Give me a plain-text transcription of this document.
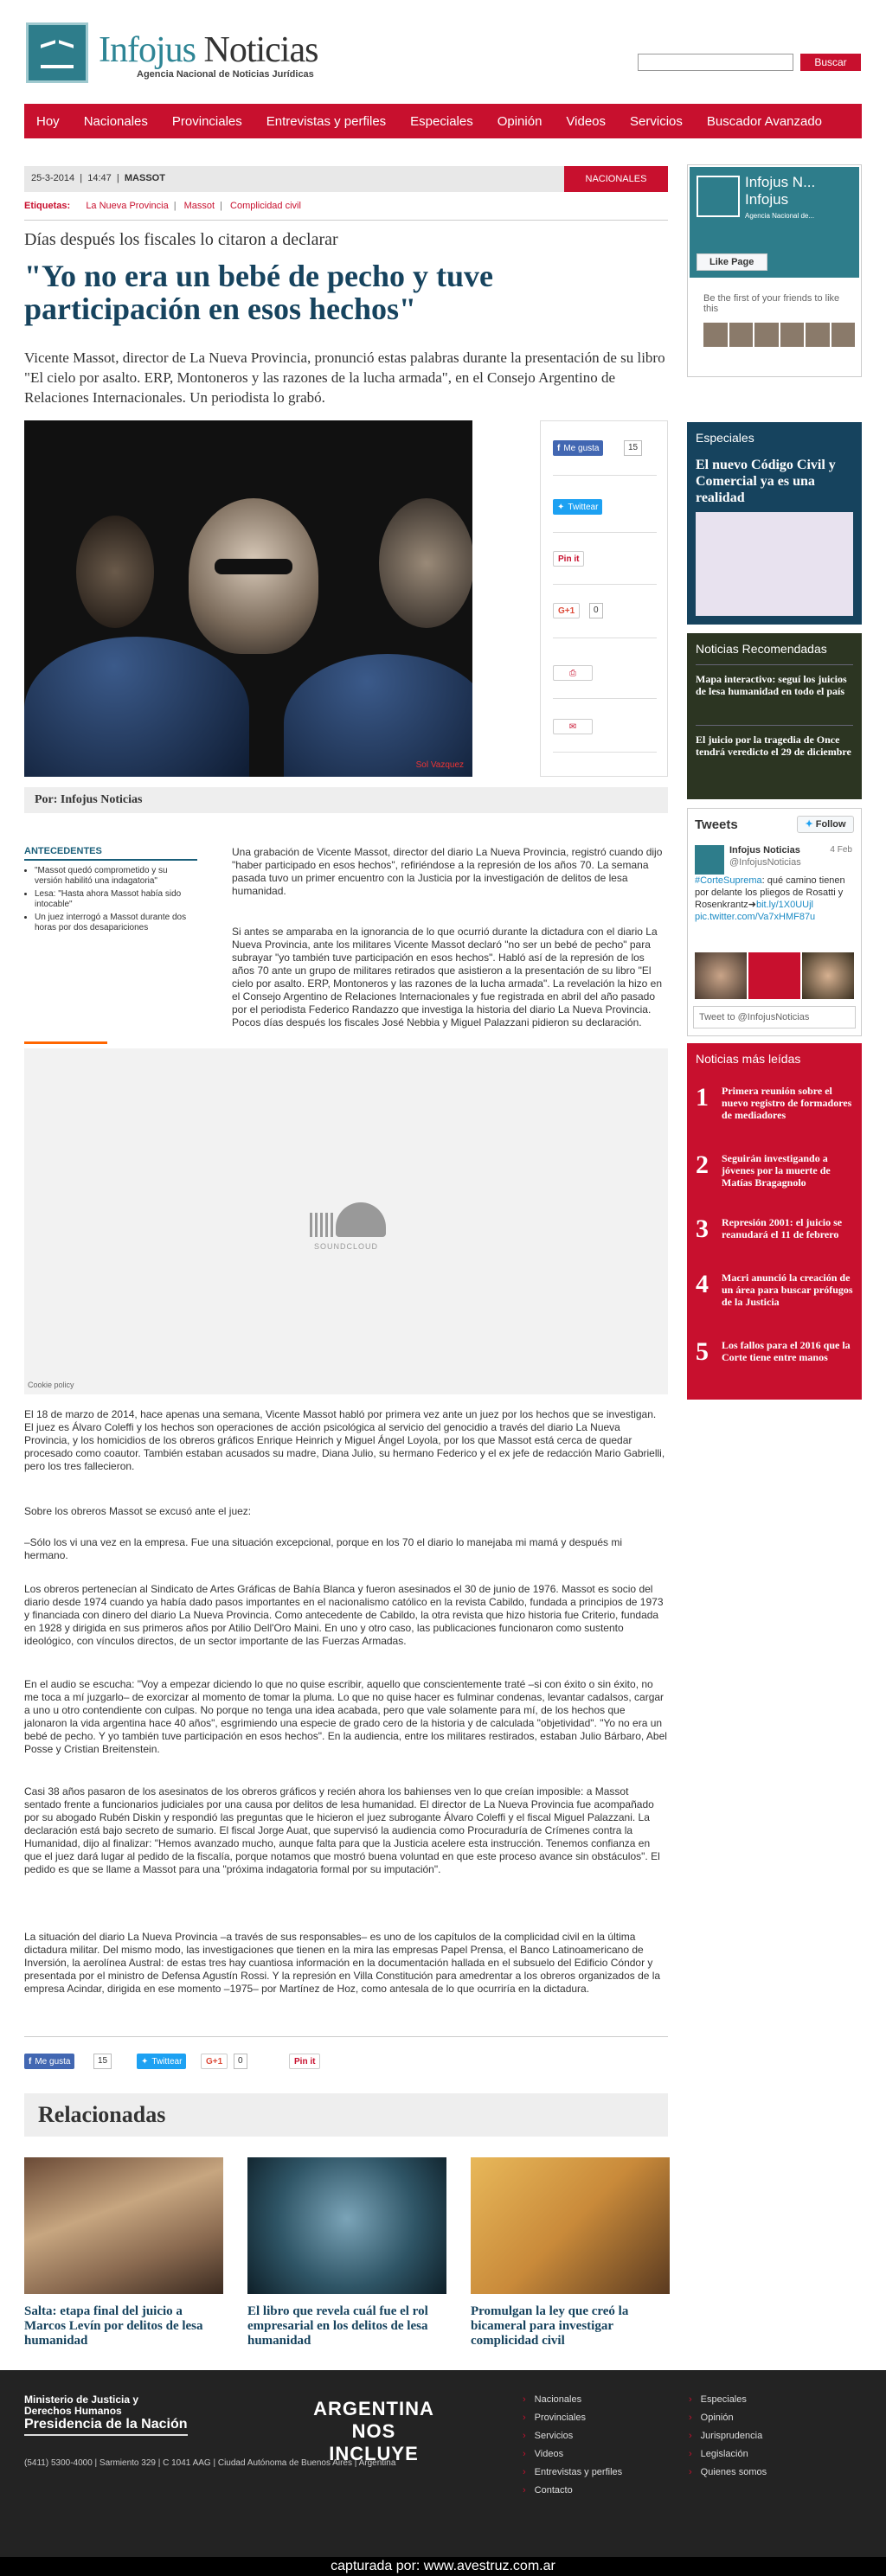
Infojus Noticias
Agencia Nacional de Noticias Jurídicas
Buscar
Hoy Nacionales Provinciales Entrevistas y perfiles Especiales Opinión Videos Servicios Buscador Avanzado
25-3-2014  |  14:47  |  MASSOT	NACIONALES
Etiquetas: La Nueva Provincia | Massot | Complicidad civil
Días después los fiscales lo citaron a declarar
"Yo no era un bebé de pecho y tuve participación en esos hechos"

Vicente Massot, director de La Nueva Provincia, pronunció estas palabras durante la presentación de su libro "El cielo por asalto. ERP, Montoneros y las razones de la lucha armada", en el Consejo Argentino de Relaciones Internacionales. Un periodista lo grabó.

Sol Vazquez
f Me gusta	15
✦ Twittear
Pin it
G+1	0
⎙
✉
Por: Infojus Noticias
ANTECEDENTES
• "Massot quedó comprometido y su versión habilitó una indagatoria"
• Lesa: "Hasta ahora Massot había sido intocable"
• Un juez interrogó a Massot durante dos horas por dos desapariciones

Una grabación de Vicente Massot, director del diario La Nueva Provincia, registró cuando dijo "haber participado en esos hechos", refiriéndose a la represión de los años 70. La semana pasada tuvo un primer encuentro con la Justicia por la investigación de delitos de lesa humanidad.

Si antes se amparaba en la ignorancia de lo que ocurrió durante la dictadura con el diario La Nueva Provincia, ante los militares Vicente Massot declaró "no ser un bebé de pecho" para subrayar "yo también tuve participación en esos hechos". Habló así de la represión de los años 70 ante un grupo de militares retirados que asistieron a la presentación de su libro "El cielo por asalto. ERP, Montoneros y las razones de la lucha armada". La revelación la hizo en el Consejo Argentino de Relaciones Internacionales y fue registrada en abril del año pasado por el periodista Federico Randazzo que investiga la historia del diario La Nueva Provincia. Pocos días después los fiscales José Nebbia y Miguel Palazzani pidieron su declaración.

SOUNDCLOUD
Cookie policy

El 18 de marzo de 2014, hace apenas una semana, Vicente Massot habló por primera vez ante un juez por los hechos que se investigan. El juez es Álvaro Coleffi y los hechos son operaciones de acción psicológica al servicio del genocidio a través del diario La Nueva Provincia, y los homicidios de los obreros gráficos Enrique Heinrich y Miguel Ángel Loyola, por los que Massot está cerca de quedar procesado como coautor. También estaban acusados su madre, Diana Julio, su hermano Federico y el ex jefe de redacción Mario Gabrielli, pero los tres fallecieron.

Sobre los obreros Massot se excusó ante el juez:

–Sólo los vi una vez en la empresa. Fue una situación excepcional, porque en los 70 el diario lo manejaba mi mamá y después mi hermano.

Los obreros pertenecían al Sindicato de Artes Gráficas de Bahía Blanca y fueron asesinados el 30 de junio de 1976. Massot es socio del diario desde 1974 cuando ya había dado pasos importantes en el nacionalismo católico en la revista Cabildo, fundada a principios de 1973 y financiada con dinero del diario La Nueva Provincia. Como antecedente de Cabildo, la otra revista que hizo historia fue Criterio, fundada en 1928 y dirigida en sus primeros años por Atilio Dell'Oro Maini. En uno y otro caso, las publicaciones funcionaron como sustento ideológico, con vínculos directos, de un sector importante de las Fuerzas Armadas.

En el audio se escucha: "Voy a empezar diciendo lo que no quise escribir, aquello que conscientemente traté –si con éxito o sin éxito, no me toca a mí juzgarlo– de exorcizar al momento de tomar la pluma. Lo que no quise hacer es fulminar condenas, levantar cadalsos, cargar a uno u otro contendiente con culpas. No porque no tenga una idea acabada, pero que vale solamente para mí, de los hechos que jalonaron la vida argentina hace 40 años", esgrimiendo una especie de grado cero de la historia y de calculada "objetividad". "Yo no era un bebé de pecho. Y yo también tuve participación en esos hechos". En la audiencia, entre los militares restirados, estaban Julio Bárbaro, Abel Posse y Cristian Breitenstein.

Casi 38 años pasaron de los asesinatos de los obreros gráficos y recién ahora los bahienses ven lo que creían imposible: a Massot sentado frente a funcionarios judiciales por una causa por delitos de lesa humanidad. El director de La Nueva Provincia fue acompañado por su abogado Rubén Diskin y respondió las preguntas que le hicieron el juez subrogante Álvaro Coleffi y el fiscal Miguel Palazzani. La declaración está bajo secreto de sumario. El fiscal Jorge Auat, que supervisó la audiencia como Procuraduría de Crímenes contra la Humanidad, dijo al finalizar: "Hemos avanzado mucho, aunque falta para que la Justicia acelere esta instrucción. Tenemos confianza en que el juez dará lugar al pedido de la fiscalía, porque notamos que mostró buena voluntad en que este proceso avance sin obstáculos". El pedido es que se llame a Massot para una "próxima indagatoria formal por su imputación".

La situación del diario La Nueva Provincia –a través de sus responsables– es uno de los capítulos de la complicidad civil en la última dictadura militar. Del mismo modo, las investigaciones que tienen en la mira las empresas Papel Prensa, el Banco Latinoamericano de Inversión, la aerolínea Austral: de estas tres hay cuantiosa información en la documentación hallada en el subsuelo del Edificio Cóndor y presentada por el ministro de Defensa Agustín Rossi. Y la represión en Villa Constitución para amedrentar a los obreros organizados de la empresa Acindar, dirigida en ese momento –1975– por Martínez de Hoz, como antesala de lo que ocurriría en la dictadura.

f Me gusta	15	✦ Twittear	G+1	0	Pin it
Relacionadas
Salta: etapa final del juicio a Marcos Levín por delitos de lesa humanidad
El libro que revela cuál fue el rol empresarial en los delitos de lesa humanidad
Promulgan la ley que creó la bicameral para investigar complicidad civil
Infojus N...
Infojus
Agencia Nacional de...
Like Page
Be the first of your friends to like this
Especiales
El nuevo Código Civil y Comercial ya es una realidad
Noticias Recomendadas
Mapa interactivo: seguí los juicios de lesa humanidad en todo el país
El juicio por la tragedia de Once tendrá veredicto el 29 de diciembre
Tweets	✦ Follow
Infojus Noticias
@InfojusNoticias
4 Feb
#CorteSuprema: qué camino tienen por delante los pliegos de Rosatti y Rosenkrantz➜bit.ly/1X0UUjl pic.twitter.com/Va7xHMF87u
Tweet to @InfojusNoticias
Noticias más leídas
1 Primera reunión sobre el nuevo registro de formadores de mediadores
2 Seguirán investigando a jóvenes por la muerte de Matías Bragagnolo
3 Represión 2001: el juicio se reanudará el 11 de febrero
4 Macri anunció la creación de un área para buscar prófugos de la Justicia
5 Los fallos para el 2016 que la Corte tiene entre manos
Ministerio de Justicia y Derechos Humanos
Presidencia de la Nación
(5411) 5300-4000 | Sarmiento 329 | C 1041 AAG | Ciudad Autónoma de Buenos Aires | Argentina
ARGENTINA NOS INCLUYE
› Nacionales
› Provinciales
› Servicios
› Videos
› Entrevistas y perfiles
› Contacto
› Especiales
› Opinión
› Jurisprudencia
› Legislación
› Quienes somos
capturada por: www.avestruz.com.ar
